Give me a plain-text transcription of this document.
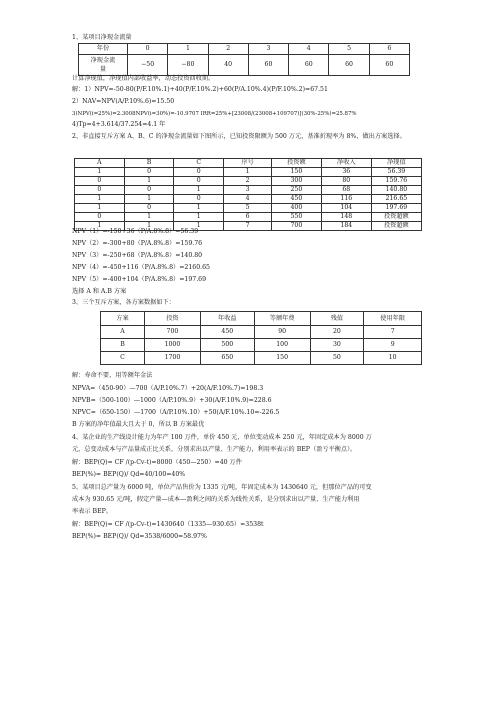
1、某项目净现金流量
年份	0	1	2	3	4	5	6

净现金流
量	−50	−80	40	60	60	60	60
计算净现值，净现值内部收益率，动态投资回收期。
解：1）NPV=-50-80(P/F.10%.1)+40(P/F.10%.2)+60(P/A.10%.4)(P/F.10%.2)=67.51
2）NAV=NPV(A/P.10%.6)=15.50
3)NPV(i=25%)=2.3008NPV(i=30%)=-10.9707 IRR=25%+[23008/(23008+109707)](30%-25%)=25.87%
4)Tp=4+3.614/37.254=4.1 年
2、非直接互斥方案 A、B、C 的净现金流量如下图所示，已知投资限额为 500 万元，基准折现率为 8%，做出方案选择。
A	B	C	序号	投资额	净收入	净现值
1	0	0	1	150	36	56.39
0	1	0	2	300	80	159.76
0	0	1	3	250	68	140.80
1	1	0	4	450	116	216.65
1	0	1	5	400	104	197.69
0	1	1	6	550	148	投资超额
1	1	1	7	700	184	投资超额
NPV（1）=-150+36（P/A.8%.8）=56.39
NPV（2）=-300+80（P/A.8%.8）=159.76
NPV（3）=-250+68（P/A.8%.8）=140.80
NPV（4）=-450+116（P/A.8%.8）=2160.65
NPV（5）=-400+104（P/A.8%.8）=197.69
选择 A 和 A.B 方案
3、三个互斥方案，各方案数据如下：
方案	投资	年收益	等额年费	残值	使用年限
A	700	450	90	20	7
B	1000	500	100	30	9
C	1700	650	150	50	10
解：寿命不要，用等额年金法
NPVA=（450-90）—700（A/P.10%.7）+20(A/F.10%.7)=198.3
NPVB=（500-100）—1000（A/P.10%.9）+30(A/F.10%.9)=228.6
NPVC=（650-150）—1700（A/P.10%.10）+50(A/F.10%.10=-226.5
B 方案的净年值最大且大于 0，所以 B 方案最优
4、某企业的生产线设计能力为年产 100 万件，单价 450 元，单位变动成本 250 元，年固定成本为 8000 万
元，总变动成本与产品量成正比关系，分别求出以产量、生产能力，利用率表示的 BEP（盈亏平衡点）。
解：BEP(Q)= CF /(p-Cv-t)=8000（450—250）=40 万件
BEP(%)= BEP(Q)/ Qd=40/100=40%
5、某项目总产量为 6000 吨，单位产品售价为 1335 元/吨，年固定成本为 1430640 元，但那位产品的可变
成本为 930.65 元/吨，假定产量—成本—盈利之间的关系为线性关系，是分别求出以产量、生产能力利用
率表示 BEP。
解：BEP(Q)= CF /(p-Cv-t)=1430640（1335—930.65）=3538t
BEP(%)= BEP(Q)/ Qd=3538/6000=58.97%
